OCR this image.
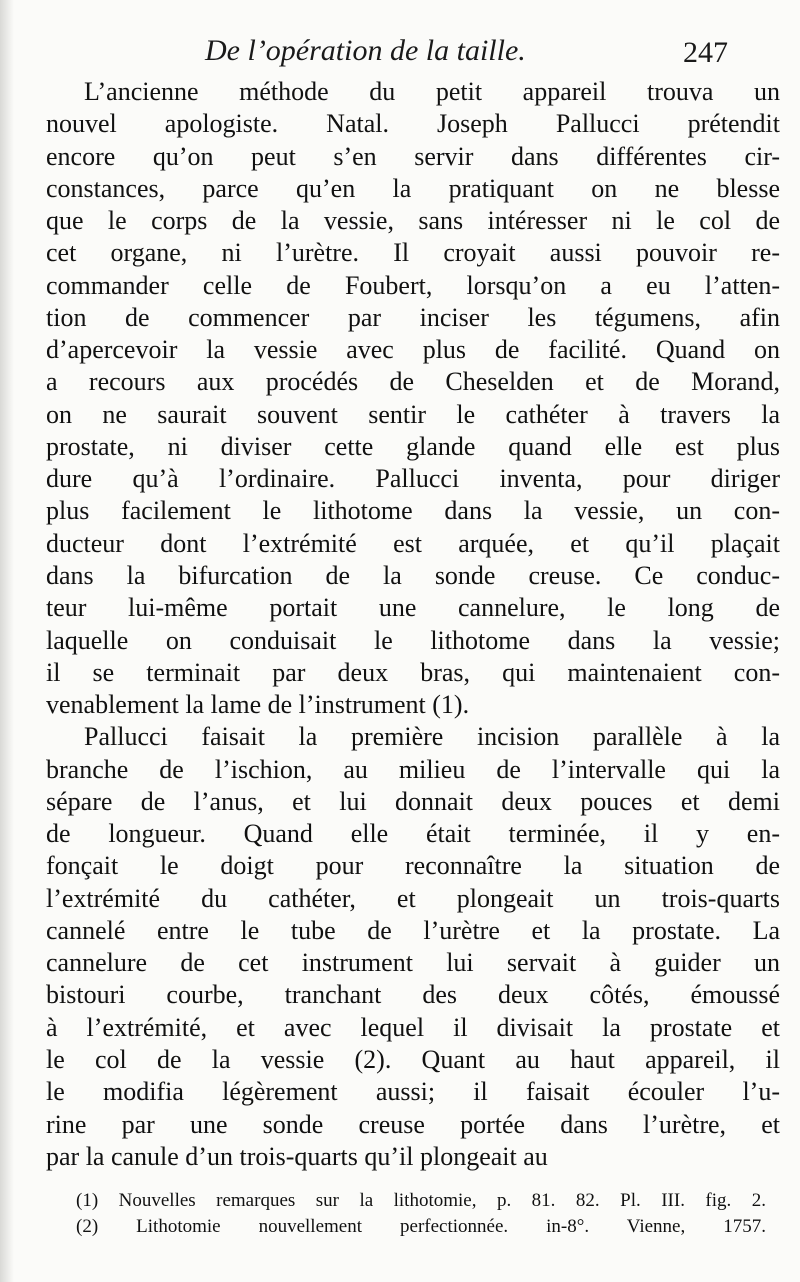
De l’opération de la taille.	247
L’ancienne méthode du petit appareil trouva un
nouvel apologiste. Natal. Joseph Pallucci prétendit
encore qu’on peut s’en servir dans différentes cir-
constances, parce qu’en la pratiquant on ne blesse
que le corps de la vessie, sans intéresser ni le col de
cet organe, ni l’urètre. Il croyait aussi pouvoir re-
commander celle de Foubert, lorsqu’on a eu l’atten-
tion de commencer par inciser les tégumens, afin
d’apercevoir la vessie avec plus de facilité. Quand on
a recours aux procédés de Cheselden et de Morand,
on ne saurait souvent sentir le cathéter à travers la
prostate, ni diviser cette glande quand elle est plus
dure qu’à l’ordinaire. Pallucci inventa, pour diriger
plus facilement le lithotome dans la vessie, un con-
ducteur dont l’extrémité est arquée, et qu’il plaçait
dans la bifurcation de la sonde creuse. Ce conduc-
teur lui-même portait une cannelure, le long de
laquelle on conduisait le lithotome dans la vessie;
il se terminait par deux bras, qui maintenaient con-
venablement la lame de l’instrument (1).
Pallucci faisait la première incision parallèle à la
branche de l’ischion, au milieu de l’intervalle qui la
sépare de l’anus, et lui donnait deux pouces et demi
de longueur. Quand elle était terminée, il y en-
fonçait le doigt pour reconnaître la situation de
l’extrémité du cathéter, et plongeait un trois-quarts
cannelé entre le tube de l’urètre et la prostate. La
cannelure de cet instrument lui servait à guider un
bistouri courbe, tranchant des deux côtés, émoussé
à l’extrémité, et avec lequel il divisait la prostate et
le col de la vessie (2). Quant au haut appareil, il
le modifia légèrement aussi; il faisait écouler l’u-
rine par une sonde creuse portée dans l’urètre, et
par la canule d’un trois-quarts qu’il plongeait au
(1) Nouvelles remarques sur la lithotomie, p. 81. 82. Pl. III. fig. 2.
(2) Lithotomie nouvellement perfectionnée. in-8°. Vienne, 1757.
